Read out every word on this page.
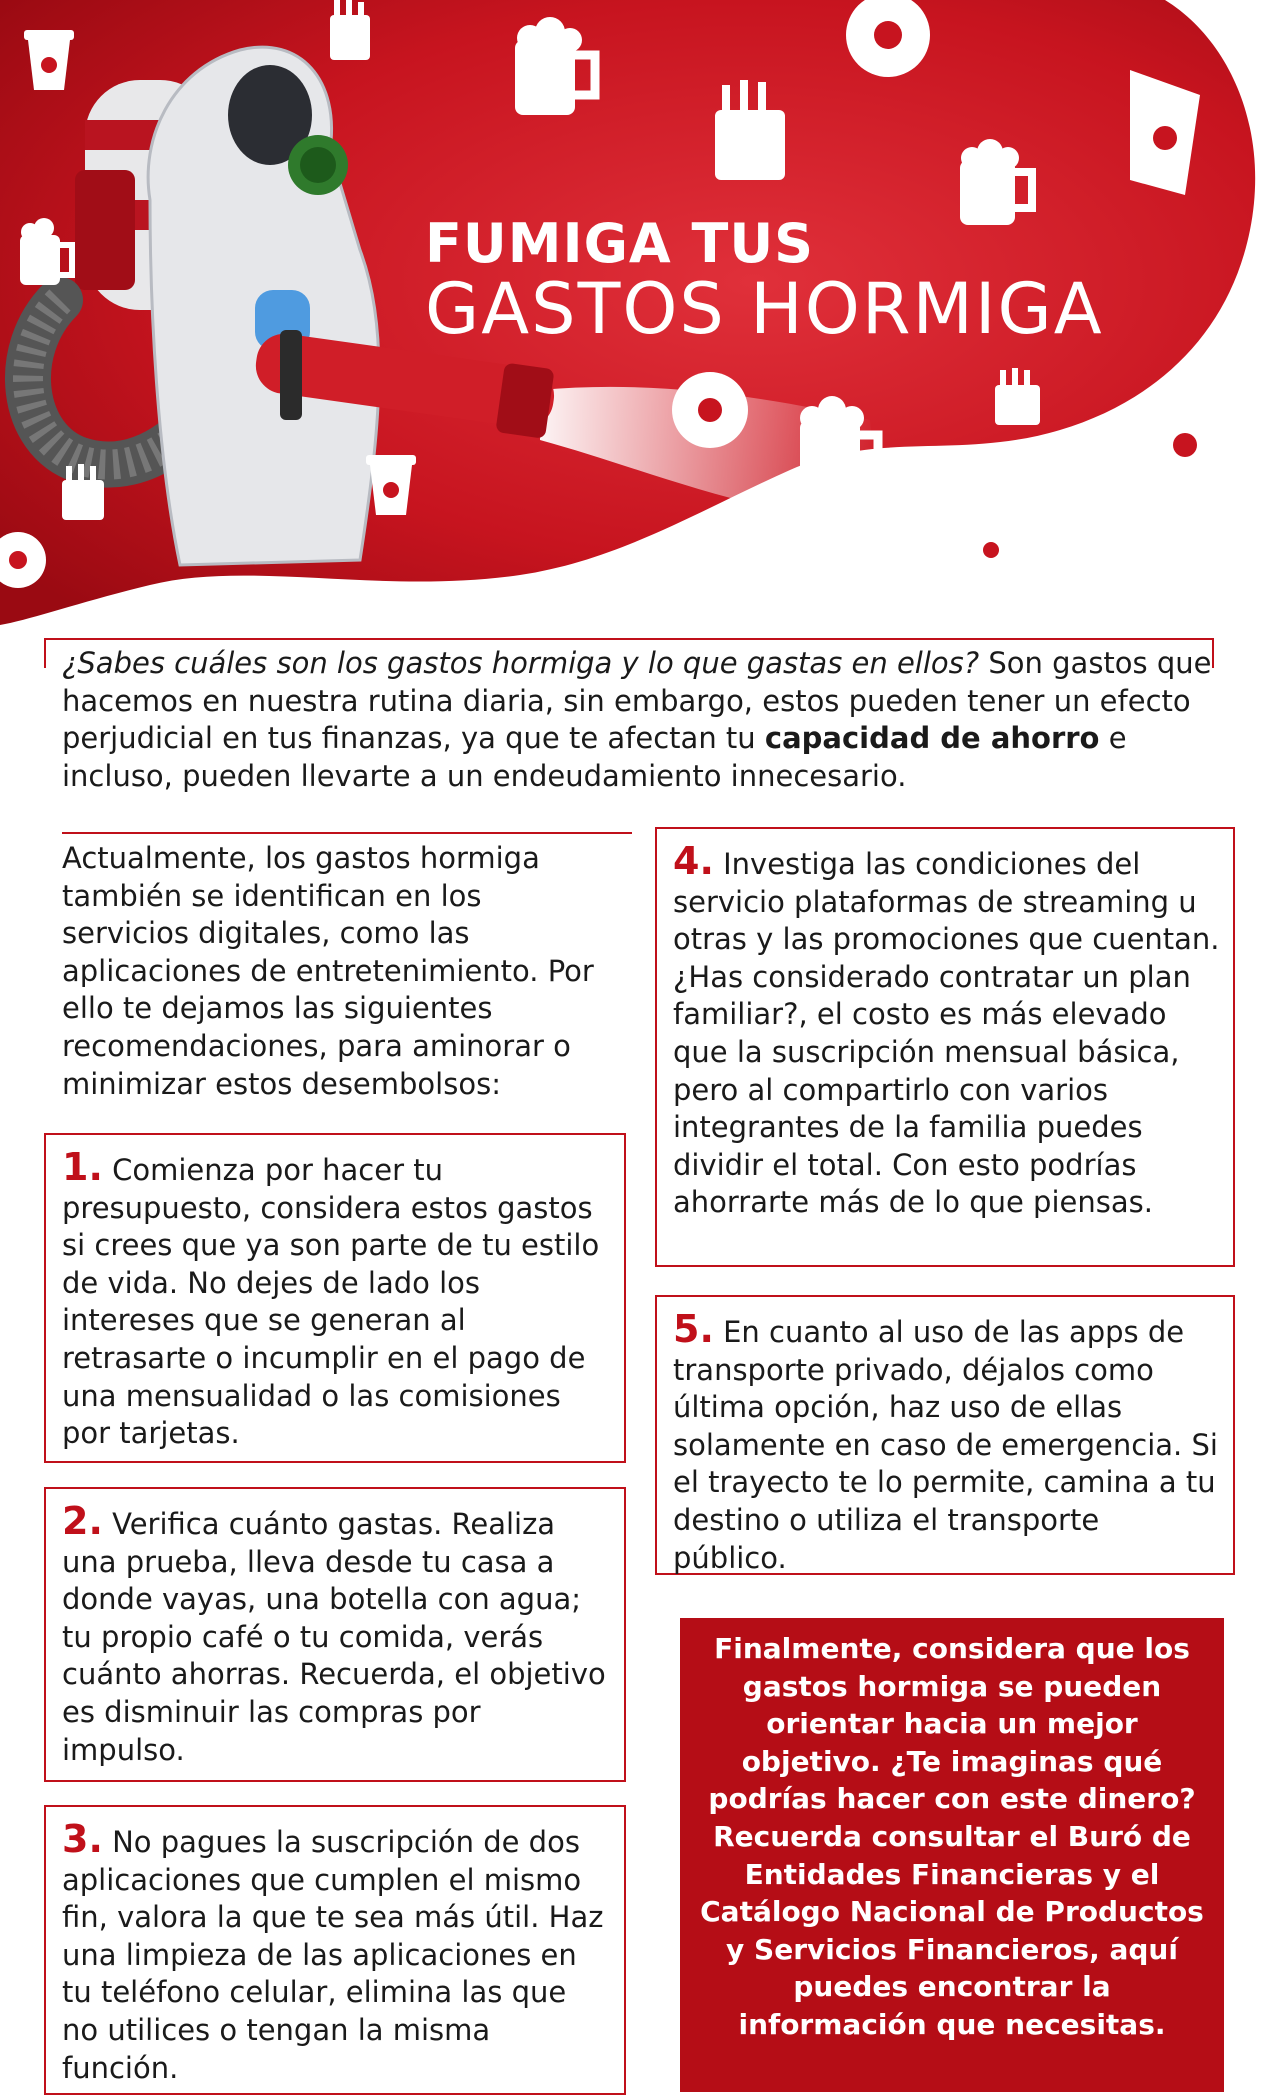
FUMIGA TUS
GASTOS HORMIGA
¿Sabes cuáles son los gastos hormiga y lo que gastas en ellos? Son gastos que hacemos en nuestra rutina diaria, sin embargo, estos pueden tener un efecto perjudicial en tus finanzas, ya que te afectan tu capacidad de ahorro e incluso, pueden llevarte a un endeudamiento innecesario.
Actualmente, los gastos hormiga también se identifican en los servicios digitales, como las aplicaciones de entretenimiento. Por ello te dejamos las siguientes recomendaciones, para aminorar o minimizar estos desembolsos:
1. Comienza por hacer tu presupuesto, considera estos gastos si crees que ya son parte de tu estilo de vida. No dejes de lado los intereses que se generan al retrasarte o incumplir en el pago de una mensualidad o las comisiones por tarjetas.
2. Verifica cuánto gastas. Realiza una prueba, lleva desde tu casa a donde vayas, una botella con agua; tu propio café o tu comida, verás cuánto ahorras. Recuerda, el objetivo es disminuir las compras por impulso.
3. No pagues la suscripción de dos aplicaciones que cumplen el mismo fin, valora la que te sea más útil. Haz una limpieza de las aplicaciones en tu teléfono celular, elimina las que no utilices o tengan la misma función.
4. Investiga las condiciones del servicio plataformas de streaming u otras y las promociones que cuentan. ¿Has considerado contratar un plan familiar?, el costo es más elevado que la suscripción mensual básica, pero al compartirlo con varios integrantes de la familia puedes dividir el total. Con esto podrías ahorrarte más de lo que piensas.
5. En cuanto al uso de las apps de transporte privado, déjalos como última opción, haz uso de ellas solamente en caso de emergencia. Si el trayecto te lo permite, camina a tu destino o utiliza el transporte público.
Finalmente, considera que los gastos hormiga se pueden orientar hacia un mejor objetivo. ¿Te imaginas qué podrías hacer con este dinero? Recuerda consultar el Buró de Entidades Financieras y el Catálogo Nacional de Productos y Servicios Financieros, aquí puedes encontrar la información que necesitas.
